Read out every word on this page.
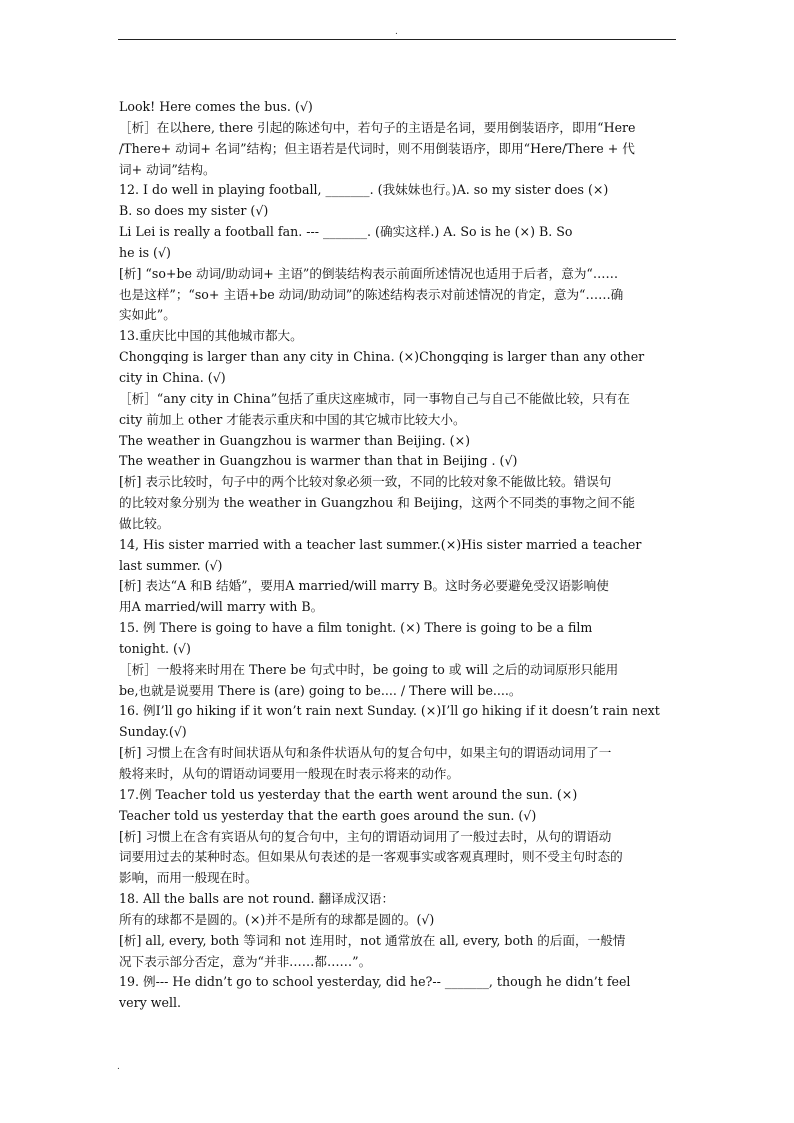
.
Look! Here comes the bus. (√)
［析］在以here, there 引起的陈述句中，若句子的主语是名词，要用倒装语序，即用“Here
/There+ 动词+ 名词”结构；但主语若是代词时，则不用倒装语序，即用“Here/There + 代
词+ 动词”结构。
12. I do well in playing football, _______. (我妹妹也行。)A. so my sister does (×)
B. so does my sister (√)
Li Lei is really a football fan. --- _______. (确实这样.) A. So is he (×) B. So
he is (√)
[析] “so+be 动词/助动词+ 主语”的倒装结构表示前面所述情况也适用于后者，意为“……
也是这样”；“so+ 主语+be 动词/助动词”的陈述结构表示对前述情况的肯定，意为“……确
实如此”。
13.重庆比中国的其他城市都大。
Chongqing is larger than any city in China. (×)Chongqing is larger than any other
city in China. (√)
［析］“any city in China”包括了重庆这座城市，同一事物自己与自己不能做比较，只有在
city 前加上 other 才能表示重庆和中国的其它城市比较大小。
The weather in Guangzhou is warmer than Beijing. (×)
The weather in Guangzhou is warmer than that in Beijing . (√)
[析] 表示比较时，句子中的两个比较对象必须一致，不同的比较对象不能做比较。错误句
的比较对象分别为 the weather in Guangzhou 和 Beijing，这两个不同类的事物之间不能
做比较。
14, His sister married with a teacher last summer.(×)His sister married a teacher
last summer. (√)
[析] 表达“A 和B 结婚”，要用A married/will marry B。这时务必要避免受汉语影响使
用A married/will marry with B。
15. 例 There is going to have a film tonight. (×) There is going to be a film
tonight. (√)
［析］一般将来时用在 There be 句式中时，be going to 或 will 之后的动词原形只能用
be,也就是说要用 There is (are) going to be.... / There will be....。
16. 例I’ll go hiking if it won’t rain next Sunday. (×)I’ll go hiking if it doesn’t rain next
Sunday.(√)
[析] 习惯上在含有时间状语从句和条件状语从句的复合句中，如果主句的谓语动词用了一
般将来时，从句的谓语动词要用一般现在时表示将来的动作。
17.例 Teacher told us yesterday that the earth went around the sun. (×)
Teacher told us yesterday that the earth goes around the sun. (√)
[析] 习惯上在含有宾语从句的复合句中，主句的谓语动词用了一般过去时，从句的谓语动
词要用过去的某种时态。但如果从句表述的是一客观事实或客观真理时，则不受主句时态的
影响，而用一般现在时。
18. All the balls are not round. 翻译成汉语：
所有的球都不是圆的。(×)并不是所有的球都是圆的。(√)
[析] all, every, both 等词和 not 连用时，not 通常放在 all, every, both 的后面，一般情
况下表示部分否定，意为“并非……都……”。
19. 例--- He didn’t go to school yesterday, did he?-- _______, though he didn’t feel
very well.
.
